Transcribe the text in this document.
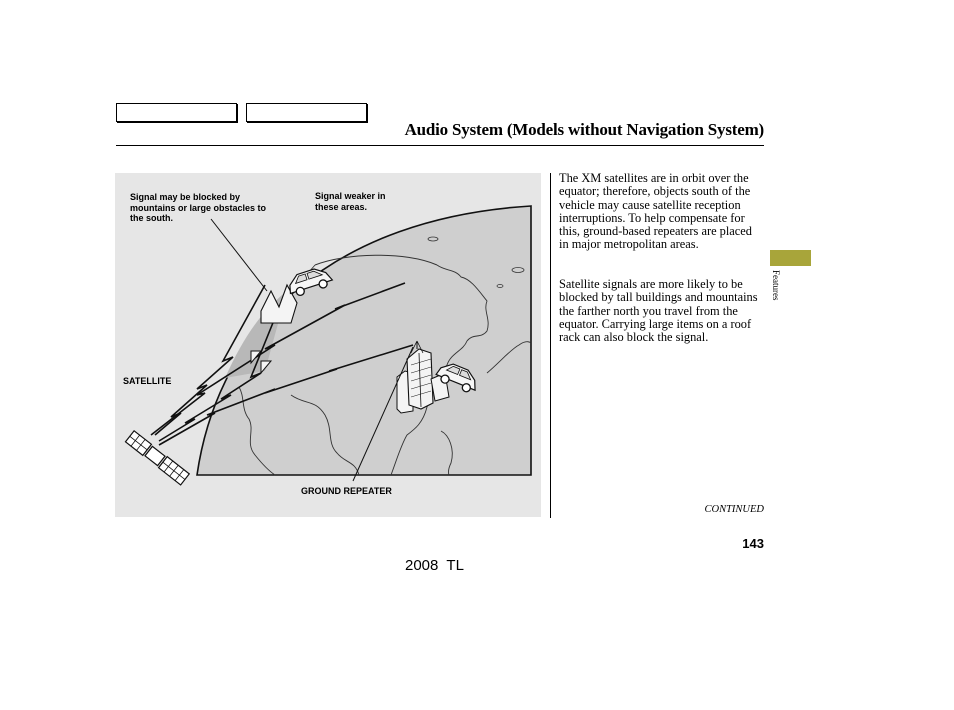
Audio System (Models without Navigation System)
Signal may be blocked by
mountains or large obstacles to
the south.
Signal weaker in
these areas.
SATELLITE
GROUND REPEATER

The XM satellites are in orbit over the equator; therefore, objects south of the vehicle may cause satellite reception interruptions. To help compensate for this, ground-based repeaters are placed in major metropolitan areas.

Satellite signals are more likely to be blocked by tall buildings and mountains the farther north you travel from the equator. Carrying large items on a roof rack can also block the signal.

Features
CONTINUED
143
2008  TL
